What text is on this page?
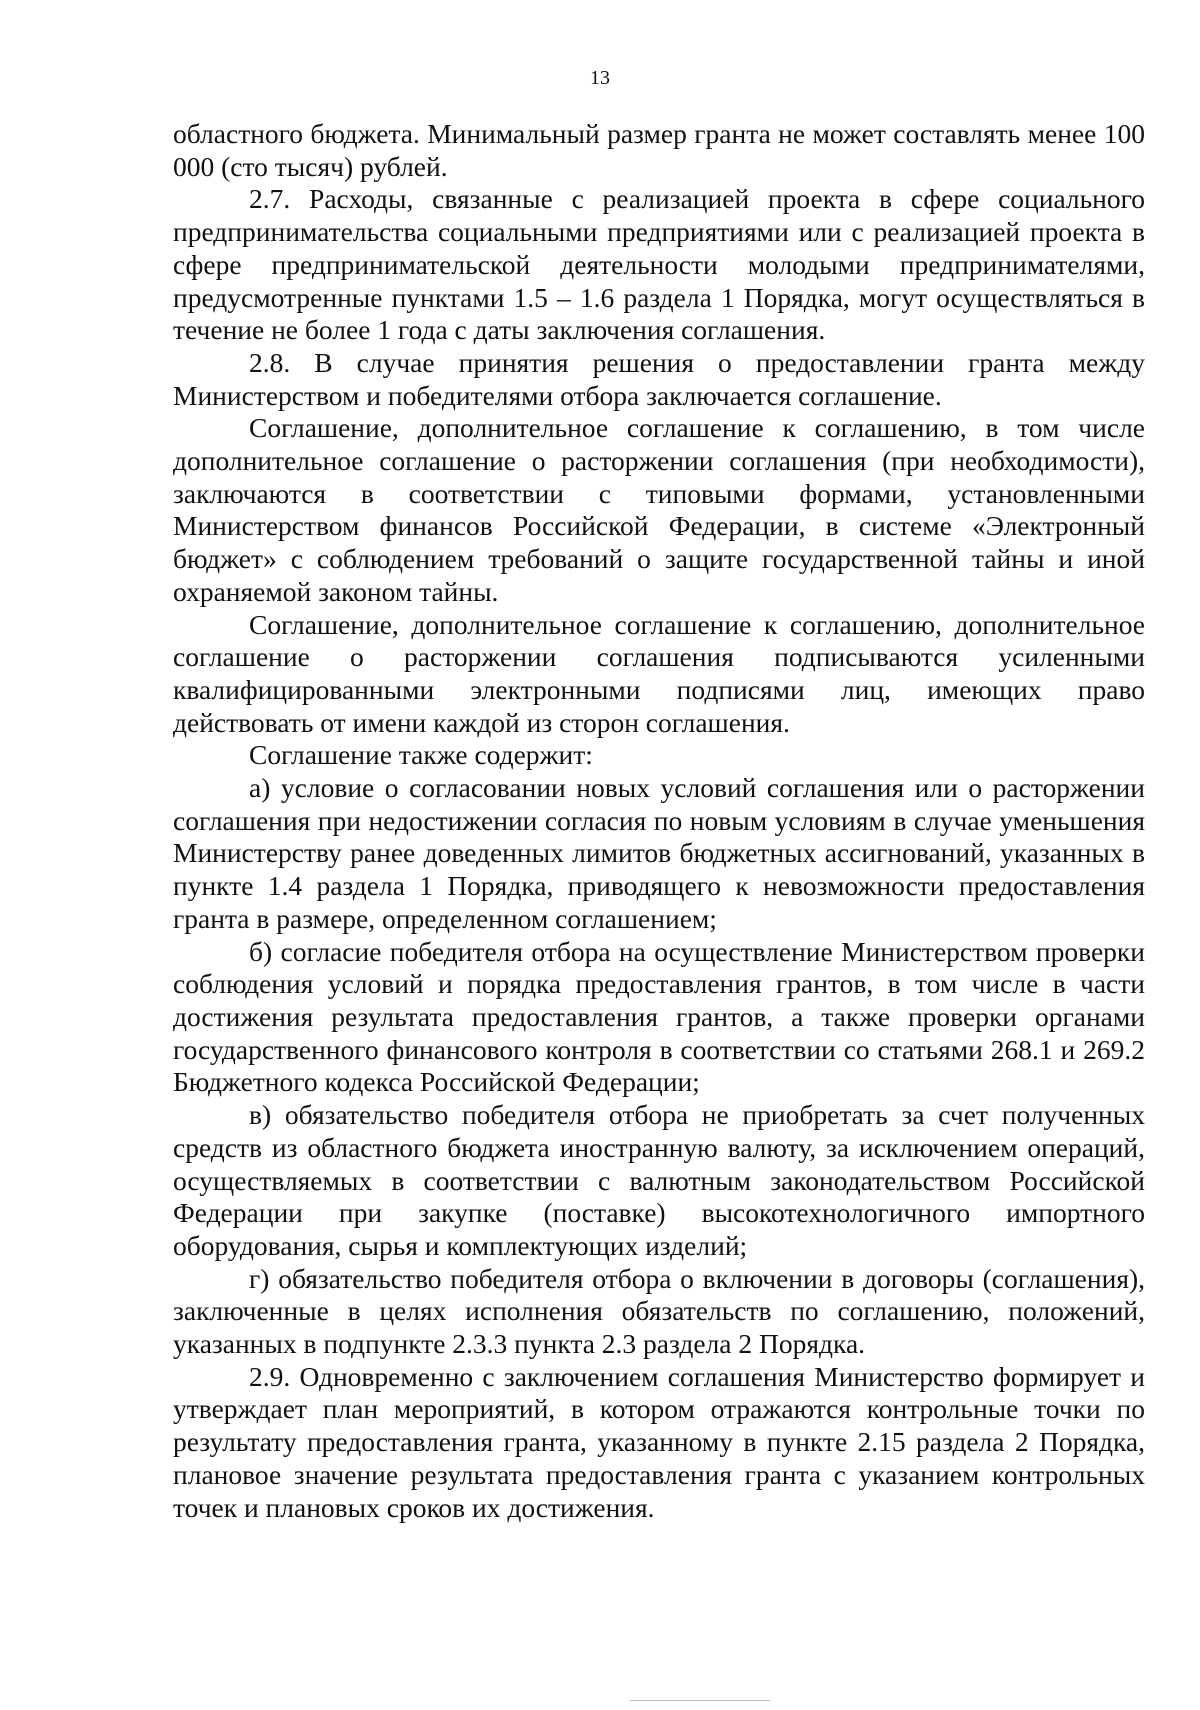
13

областного бюджета. Минимальный размер гранта не может составлять менее 100 000 (сто тысяч) рублей.

2.7. Расходы, связанные с реализацией проекта в сфере социального предпринимательства социальными предприятиями или с реализацией проекта в сфере предпринимательской деятельности молодыми предпринимателями, предусмотренные пунктами 1.5 – 1.6 раздела 1 Порядка, могут осуществляться в течение не более 1 года с даты заключения соглашения.

2.8. В случае принятия решения о предоставлении гранта между Министерством и победителями отбора заключается соглашение.

Соглашение, дополнительное соглашение к соглашению, в том числе дополнительное соглашение о расторжении соглашения (при необходимости), заключаются в соответствии с типовыми формами, установленными Министерством финансов Российской Федерации, в системе «Электронный бюджет» с соблюдением требований о защите государственной тайны и иной охраняемой законом тайны.

Соглашение, дополнительное соглашение к соглашению, дополнительное соглашение о расторжении соглашения подписываются усиленными квалифицированными электронными подписями лиц, имеющих право действовать от имени каждой из сторон соглашения.

Соглашение также содержит:

а) условие о согласовании новых условий соглашения или о расторжении соглашения при недостижении согласия по новым условиям в случае уменьшения Министерству ранее доведенных лимитов бюджетных ассигнований, указанных в пункте 1.4 раздела 1 Порядка, приводящего к невозможности предоставления гранта в размере, определенном соглашением;

б) согласие победителя отбора на осуществление Министерством проверки соблюдения условий и порядка предоставления грантов, в том числе в части достижения результата предоставления грантов, а также проверки органами государственного финансового контроля в соответствии со статьями 268.1 и 269.2 Бюджетного кодекса Российской Федерации;

в) обязательство победителя отбора не приобретать за счет полученных средств из областного бюджета иностранную валюту, за исключением операций, осуществляемых в соответствии с валютным законодательством Российской Федерации при закупке (поставке) высокотехнологичного импортного оборудования, сырья и комплектующих изделий;

г) обязательство победителя отбора о включении в договоры (соглашения), заключенные в целях исполнения обязательств по соглашению, положений, указанных в подпункте 2.3.3 пункта 2.3 раздела 2 Порядка.

2.9. Одновременно с заключением соглашения Министерство формирует и утверждает план мероприятий, в котором отражаются контрольные точки по результату предоставления гранта, указанному в пункте 2.15 раздела 2 Порядка, плановое значение результата предоставления гранта с указанием контрольных точек и плановых сроков их достижения.
